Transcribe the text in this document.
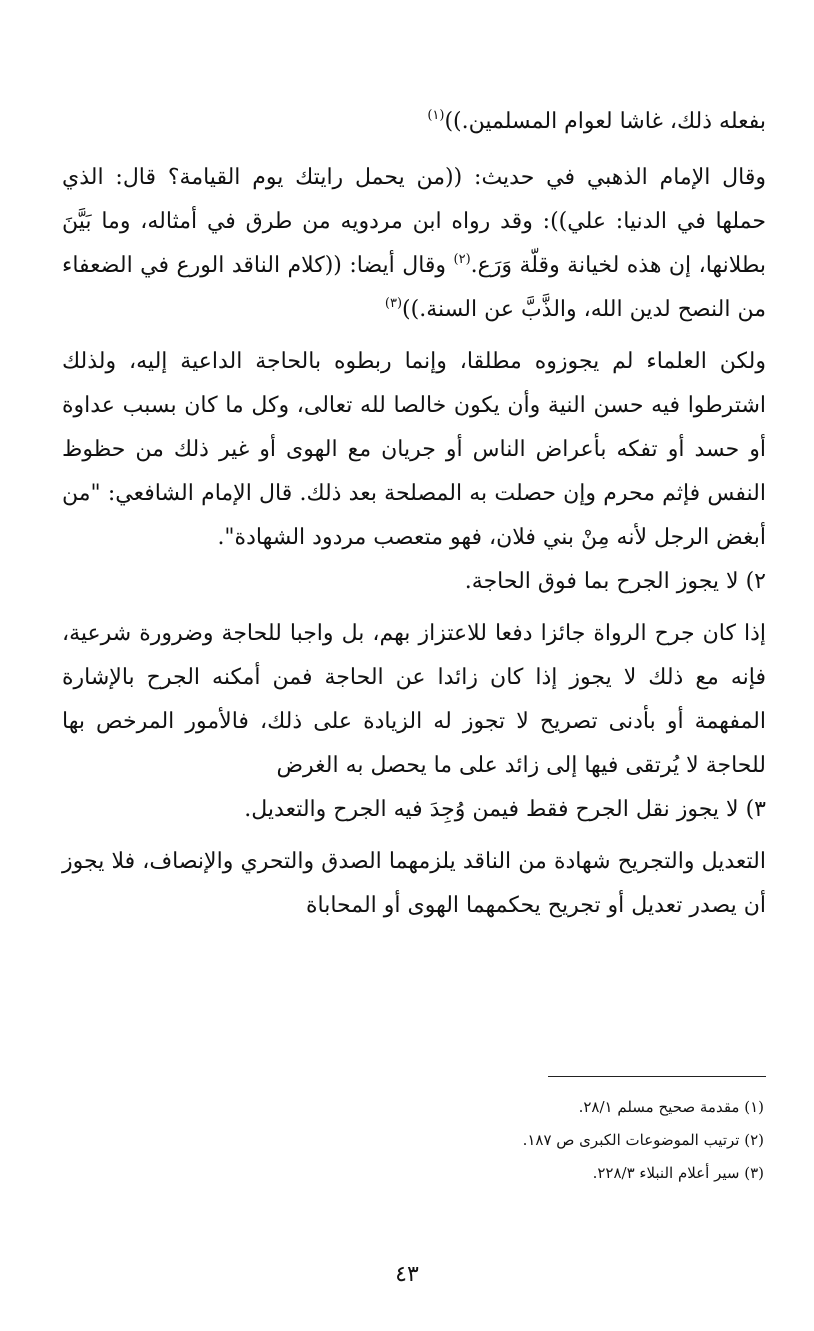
بفعله ذلك، غاشا لعوام المسلمين.))$^{(١)}$

وقال الإمام الذهبي في حديث: ((من يحمل رايتك يوم القيامة؟ قال: الذي حملها في الدنيا: علي)): وقد رواه ابن مردويه من طرق في أمثاله، وما بَيَّنَ بطلانها، إن هذه لخيانة وقلّة وَرَع.$^{(٢)}$ وقال أيضا: ((كلام الناقد الورع في الضعفاء من النصح لدين الله، والذَّبَّ عن السنة.))$^{(٣)}$

ولكن العلماء لم يجوزوه مطلقا، وإنما ربطوه بالحاجة الداعية إليه، ولذلك اشترطوا فيه حسن النية وأن يكون خالصا لله تعالى، وكل ما كان بسبب عداوة أو حسد أو تفكه بأعراض الناس أو جريان مع الهوى أو غير ذلك من حظوظ النفس فإثم محرم وإن حصلت به المصلحة بعد ذلك. قال الإمام الشافعي: "من أبغض الرجل لأنه مِنْ بني فلان، فهو متعصب مردود الشهادة".

٢) لا يجوز الجرح بما فوق الحاجة.

إذا كان جرح الرواة جائزا دفعا للاعتزاز بهم، بل واجبا للحاجة وضرورة شرعية، فإنه مع ذلك لا يجوز إذا كان زائدا عن الحاجة فمن أمكنه الجرح بالإشارة المفهمة أو بأدنى تصريح لا تجوز له الزيادة على ذلك، فالأمور المرخص بها للحاجة لا يُرتقى فيها إلى زائد على ما يحصل به الغرض

٣) لا يجوز نقل الجرح فقط فيمن وُجِدَ فيه الجرح والتعديل.

التعديل والتجريح شهادة من الناقد يلزمهما الصدق والتحري والإنصاف، فلا يجوز أن يصدر تعديل أو تجريح يحكمهما الهوى أو المحاباة

(١) مقدمة صحيح مسلم ٢٨/١.

(٢) ترتيب الموضوعات الكبرى ص ١٨٧.

(٣) سير أعلام النبلاء ٢٢٨/٣.

٤٣
